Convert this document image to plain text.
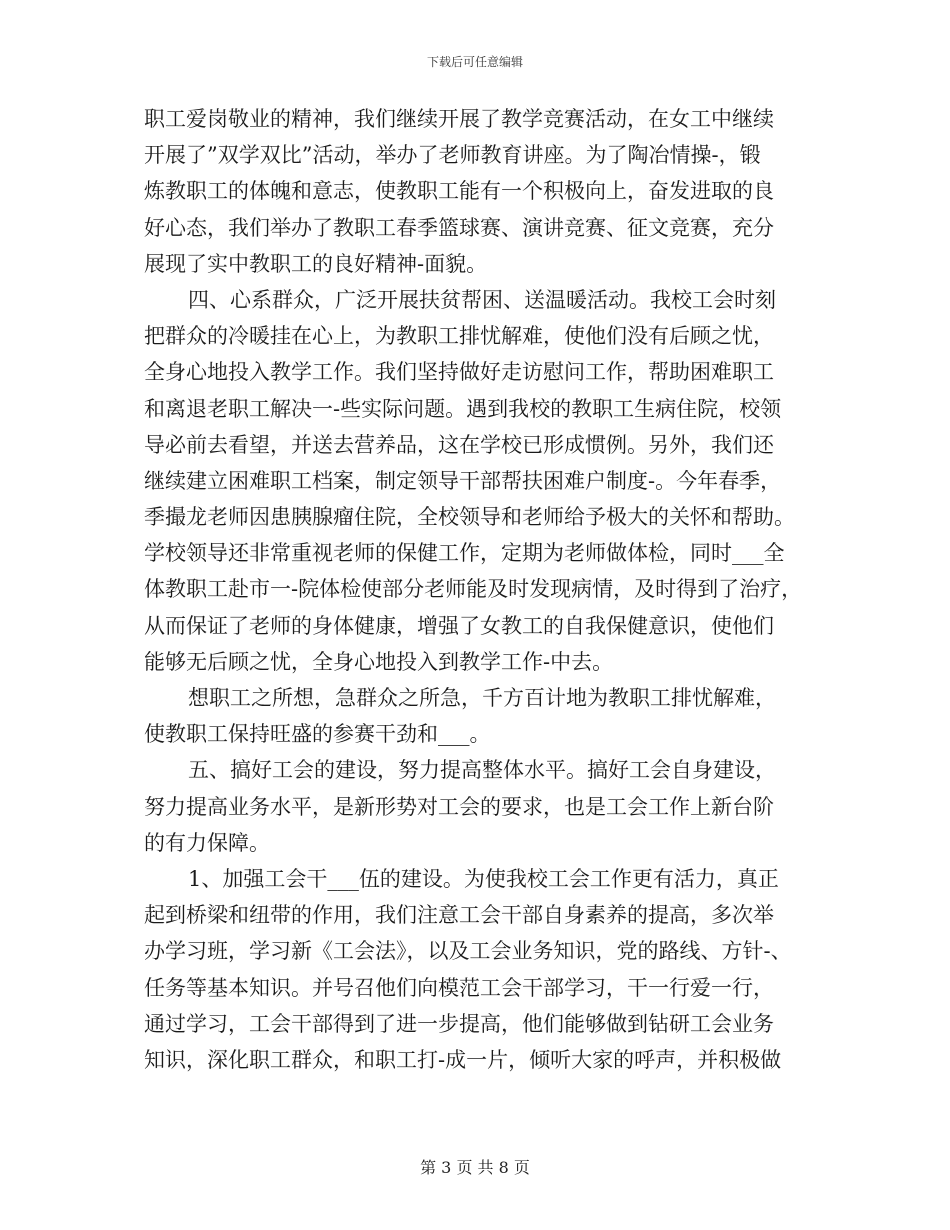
下载后可任意编辑
职工爱岗敬业的精神，我们继续开展了教学竞赛活动，在女工中继续
开展了”双学双比”活动，举办了老师教育讲座。为了陶冶情操-，锻
炼教职工的体魄和意志，使教职工能有一个积极向上，奋发进取的良
好心态，我们举办了教职工春季篮球赛、演讲竞赛、征文竞赛，充分
展现了实中教职工的良好精神-面貌。
四、心系群众，广泛开展扶贫帮困、送温暖活动。我校工会时刻
把群众的冷暖挂在心上，为教职工排忧解难，使他们没有后顾之忧，
全身心地投入教学工作。我们坚持做好走访慰问工作，帮助困难职工
和离退老职工解决一-些实际问题。遇到我校的教职工生病住院，校领
导必前去看望，并送去营养品，这在学校已形成惯例。另外，我们还
继续建立困难职工档案，制定领导干部帮扶困难户制度-。今年春季，
季撮龙老师因患胰腺瘤住院，全校领导和老师给予极大的关怀和帮助。
学校领导还非常重视老师的保健工作，定期为老师做体检，同时___全
体教职工赴市一-院体检使部分老师能及时发现病情，及时得到了治疗，
从而保证了老师的身体健康，增强了女教工的自我保健意识，使他们
能够无后顾之忧，全身心地投入到教学工作-中去。
想职工之所想，急群众之所急，千方百计地为教职工排忧解难，
使教职工保持旺盛的参赛干劲和___。
五、搞好工会的建设，努力提高整体水平。搞好工会自身建设，
努力提高业务水平，是新形势对工会的要求，也是工会工作上新台阶
的有力保障。
1、加强工会干___伍的建设。为使我校工会工作更有活力，真正
起到桥梁和纽带的作用，我们注意工会干部自身素养的提高，多次举
办学习班，学习新《工会法》，以及工会业务知识，党的路线、方针-、
任务等基本知识。并号召他们向模范工会干部学习，干一行爱一行，
通过学习，工会干部得到了进一步提高，他们能够做到钻研工会业务
知识，深化职工群众，和职工打-成一片，倾听大家的呼声，并积极做
第 3 页 共 8 页
